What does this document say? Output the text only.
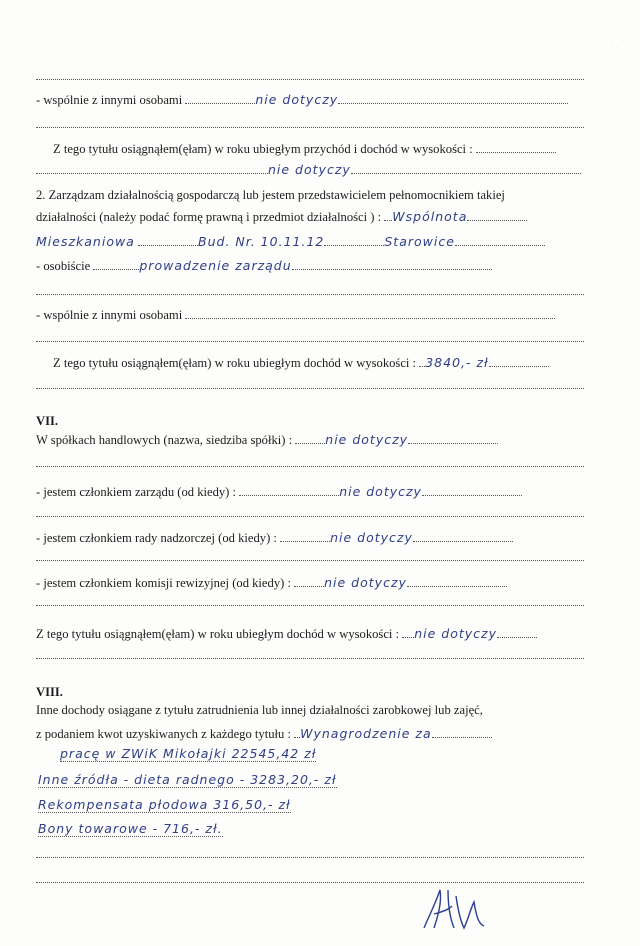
' ,
- wspólnie z innymi osobami	nie dotyczy
Z tego tytułu osiągnąłem(ęłam) w roku ubiegłym przychód i dochód w wysokości :
nie dotyczy
2. Zarządzam działalnością gospodarczą lub jestem przedstawicielem pełnomocnikiem takiej
działalności (należy podać formę prawną i przedmiot działalności ) : Wspólnota
Mieszkaniowa	Bud. Nr. 10.11.12	Starowice
- osobiście	prowadzenie zarządu
- wspólnie z innymi osobami
Z tego tytułu osiągnąłem(ęłam) w roku ubiegłym dochód w wysokości : 3840,- zł
VII.
W spółkach handlowych (nazwa, siedziba spółki) :	nie dotyczy
- jestem członkiem zarządu (od kiedy) :	nie dotyczy
- jestem członkiem rady nadzorczej (od kiedy) :	nie dotyczy
- jestem członkiem komisji rewizyjnej (od kiedy) :	nie dotyczy
Z tego tytułu osiągnąłem(ęłam) w roku ubiegłym dochód w wysokości : nie dotyczy
VIII.
Inne dochody osiągane z tytułu zatrudnienia lub innej działalności zarobkowej lub zajęć,
z podaniem kwot uzyskiwanych z każdego tytułu : Wynagrodzenie za
pracę w ZWiK Mikołajki 22545,42 zł
Inne źródła - dieta radnego - 3283,20,- zł
Rekompensata płodowa 316,50,- zł
Bony towarowe - 716,- zł.
